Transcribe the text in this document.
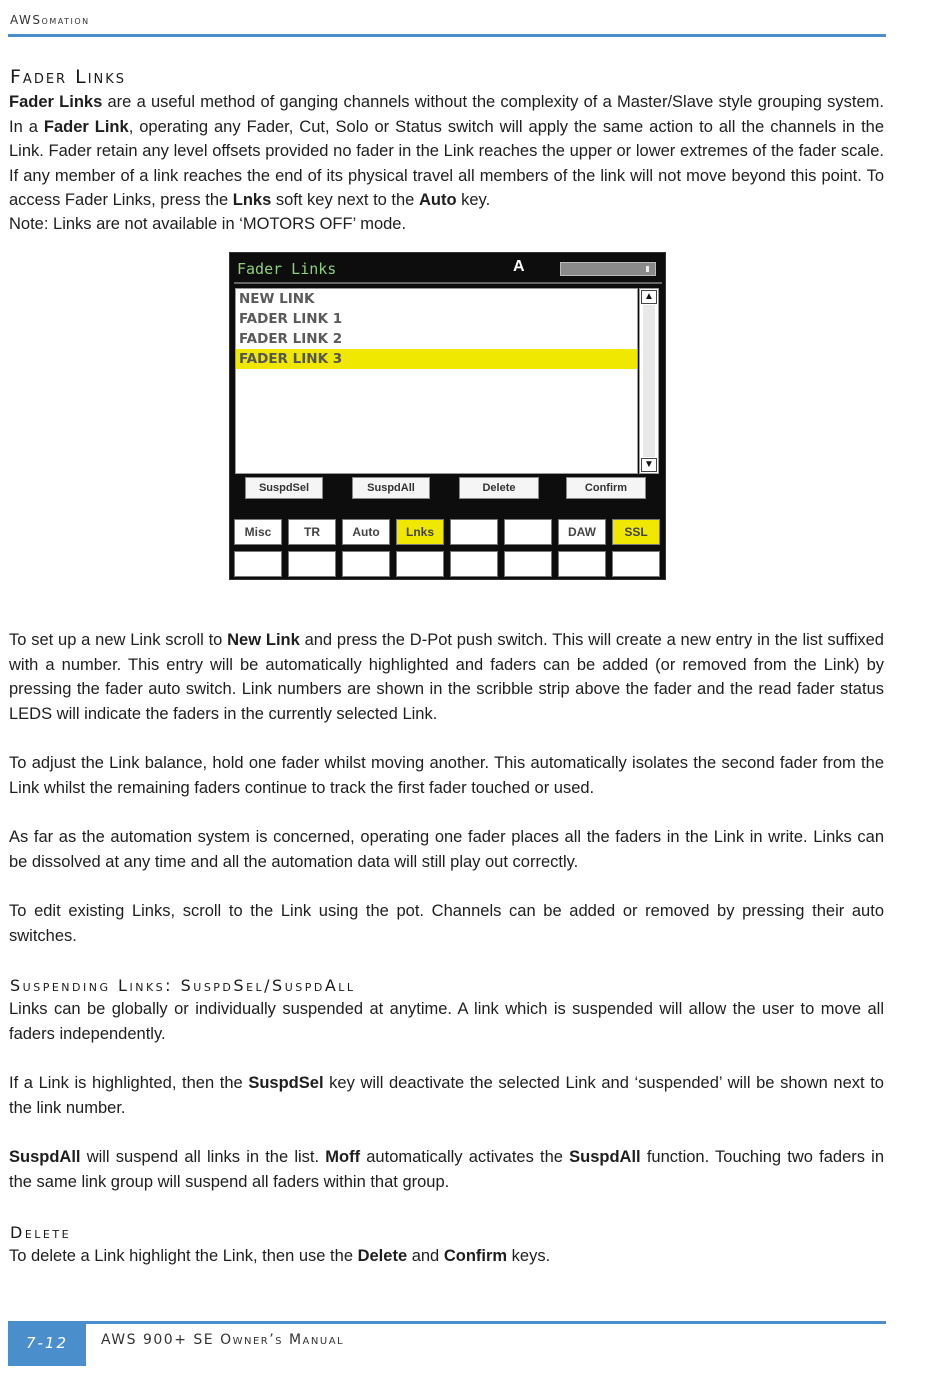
AWSomation
Fader Links

Fader Links are a useful method of ganging channels without the complexity of a Master/Slave style grouping system. In a Fader Link, operating any Fader, Cut, Solo or Status switch will apply the same action to all the channels in the Link. Fader retain any level offsets provided no fader in the Link reaches the upper or lower extremes of the fader scale. If any member of a link reaches the end of its physical travel all members of the link will not move beyond this point. To access Fader Links, press the Lnks soft key next to the Auto key.

Note: Links are not available in ‘MOTORS OFF’ mode.

Fader Links	A
NEW LINK
FADER LINK 1
FADER LINK 2
FADER LINK 3
▲
▼
SuspdSel	SuspdAll	Delete	Confirm
Misc	TR	Auto	Lnks	DAW	SSL

To set up a new Link scroll to New Link and press the D-Pot push switch. This will create a new entry in the list suffixed with a number. This entry will be automatically highlighted and faders can be added (or removed from the Link) by pressing the fader auto switch. Link numbers are shown in the scribble strip above the fader and the read fader status LEDS will indicate the faders in the currently selected Link.

To adjust the Link balance, hold one fader whilst moving another. This automatically isolates the second fader from the Link whilst the remaining faders continue to track the first fader touched or used.

As far as the automation system is concerned, operating one fader places all the faders in the Link in write. Links can be dissolved at any time and all the automation data will still play out correctly.

To edit existing Links, scroll to the Link using the pot. Channels can be added or removed by pressing their auto switches.

Suspending Links: SuspdSel/SuspdAll

Links can be globally or individually suspended at anytime. A link which is suspended will allow the user to move all faders independently.

If a Link is highlighted, then the SuspdSel key will deactivate the selected Link and ‘suspended’ will be shown next to the link number.

SuspdAll will suspend all links in the list. Moff automatically activates the SuspdAll function. Touching two faders in the same link group will suspend all faders within that group.

Delete

To delete a Link highlight the Link, then use the Delete and Confirm keys.

7-12	AWS 900+ SE Owner’s Manual
